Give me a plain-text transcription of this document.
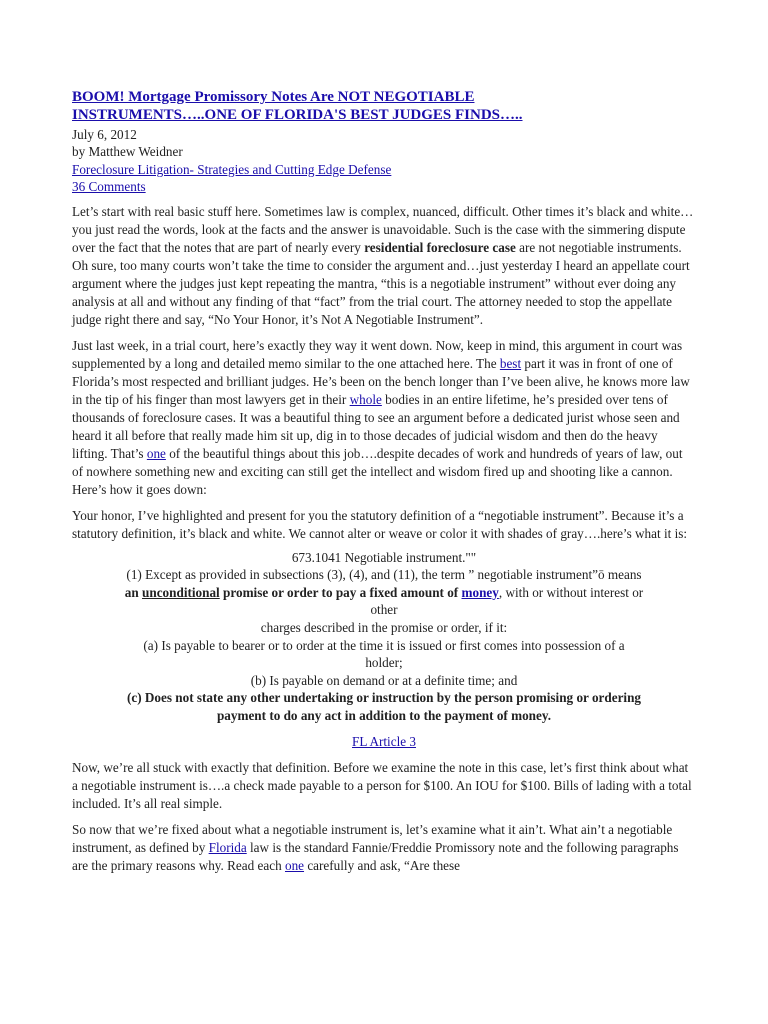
BOOM! Mortgage Promissory Notes Are NOT NEGOTIABLE
INSTRUMENTS…..ONE OF FLORIDA'S BEST JUDGES FINDS…..
July 6, 2012
by Matthew Weidner
Foreclosure Litigation- Strategies and Cutting Edge Defense
36 Comments

Let’s start with real basic stuff here. Sometimes law is complex, nuanced, difficult. Other times it’s black and white…you just read the words, look at the facts and the answer is unavoidable. Such is the case with the simmering dispute over the fact that the notes that are part of nearly every residential foreclosure case are not negotiable instruments. Oh sure, too many courts won’t take the time to consider the argument and…just yesterday I heard an appellate court argument where the judges just kept repeating the mantra, “this is a negotiable instrument” without ever doing any analysis at all and without any finding of that “fact” from the trial court. The attorney needed to stop the appellate judge right there and say, “No Your Honor, it’s Not A Negotiable Instrument”.

Just last week, in a trial court, here’s exactly they way it went down. Now, keep in mind, this argument in court was supplemented by a long and detailed memo similar to the one attached here. The best part it was in front of one of Florida’s most respected and brilliant judges. He’s been on the bench longer than I’ve been alive, he knows more law in the tip of his finger than most lawyers get in their whole bodies in an entire lifetime, he’s presided over tens of thousands of foreclosure cases. It was a beautiful thing to see an argument before a dedicated jurist whose seen and heard it all before that really made him sit up, dig in to those decades of judicial wisdom and then do the heavy lifting. That’s one of the beautiful things about this job….despite decades of work and hundreds of years of law, out of nowhere something new and exciting can still get the intellect and wisdom fired up and shooting like a cannon. Here’s how it goes down:

Your honor, I’ve highlighted and present for you the statutory definition of a “negotiable instrument”. Because it’s a statutory definition, it’s black and white. We cannot alter or weave or color it with shades of gray….here’s what it is:

673.1041 Negotiable instrument.""
(1) Except as provided in subsections (3), (4), and (11), the term ” negotiable instrument”ō means
an unconditional promise or order to pay a fixed amount of money, with or without interest or
other
charges described in the promise or order, if it:
(a) Is payable to bearer or to order at the time it is issued or first comes into possession of a
holder;
(b) Is payable on demand or at a definite time; and
(c) Does not state any other undertaking or instruction by the person promising or ordering
payment to do any act in addition to the payment of money.
FL Article 3

Now, we’re all stuck with exactly that definition. Before we examine the note in this case, let’s first think about what a negotiable instrument is….a check made payable to a person for $100. An IOU for $100. Bills of lading with a total included. It’s all real simple.

So now that we’re fixed about what a negotiable instrument is, let’s examine what it ain’t. What ain’t a negotiable instrument, as defined by Florida law is the standard Fannie/Freddie Promissory note and the following paragraphs are the primary reasons why. Read each one carefully and ask, “Are these
